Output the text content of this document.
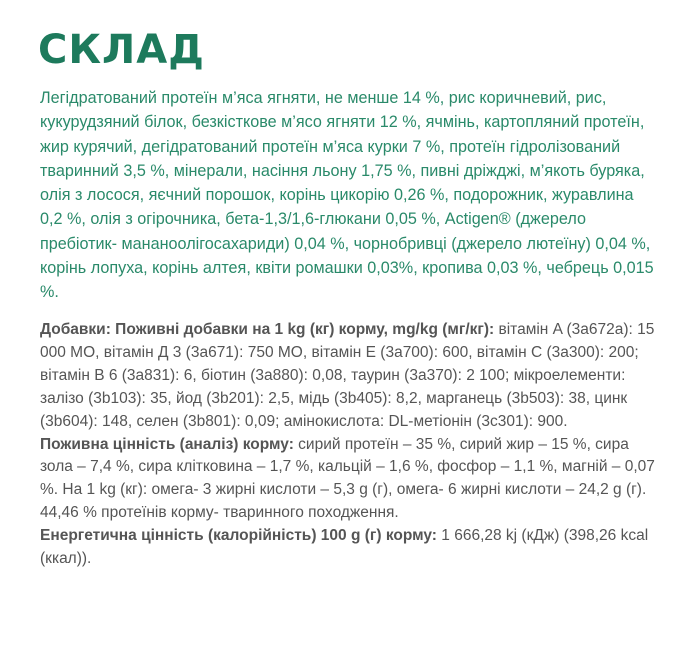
СКЛАД

Легідратований протеїн м’яса ягняти, не менше 14 %, рис коричневий, рис, кукурудзяний білок, безкісткове м’ясо ягняти 12 %, ячмінь, картопляний протеїн, жир курячий, дегідратований протеїн м’яса курки 7 %, протеїн гідролізований тваринний 3,5 %, мінерали, насіння льону 1,75 %, пивні дріжджі, м’якоть буряка, олія з лосося, яєчний порошок, корінь цикорію 0,26 %, подорожник, журавлина 0,2 %, олія з огірочника, бета-1,3/1,6-глюкани 0,05 %, Actigen® (джерело пребіотик- мананоолігосахариди) 0,04 %, чорнобривці (джерело лютеїну) 0,04 %, корінь лопуха, корінь алтея, квіти ромашки 0,03%, кропива 0,03 %, чебрець 0,015 %.

Добавки: Поживні добавки на 1 kg (кг) корму, mg/kg (мг/кг): вітамін A (3a672a): 15 000 МО, вітамін Д 3 (3a671): 750 МО, вітамін Е (3a700): 600, вітамін С (3a300): 200; вітамін В 6 (3a831): 6, біотин (3a880): 0,08, таурин (3a370): 2 100; мікроелементи: залізо (3b103): 35, йод (3b201): 2,5, мідь (3b405): 8,2, марганець (3b503): 38, цинк (3b604): 148, селен (3b801): 0,09; амінокислота: DL-метіонін (3c301): 900.

Поживна цінність (аналіз) корму: сирий протеїн – 35 %, сирий жир – 15 %, сира зола – 7,4 %, сира клітковина – 1,7 %, кальцій – 1,6 %, фосфор – 1,1 %, магній – 0,07 %. На 1 kg (кг): омега- 3 жирні кислоти – 5,3 g (г), омега- 6 жирні кислоти – 24,2 g (г). 44,46 % протеїнів корму- тваринного походження.

Енергетична цінність (калорійність) 100 g (г) корму: 1 666,28 kj (кДж) (398,26 kcal (ккал)).
